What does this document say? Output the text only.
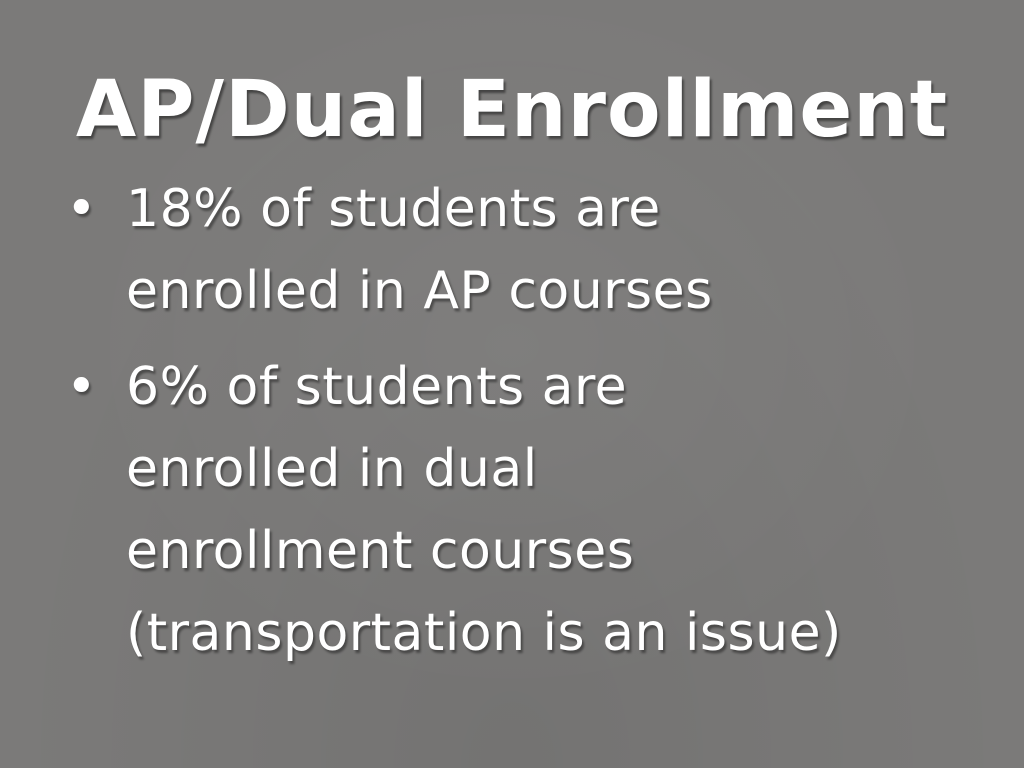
AP/Dual Enrollment
• 18% of students are
enrolled in AP courses
• 6% of students are
enrolled in dual
enrollment courses
(transportation is an issue)
